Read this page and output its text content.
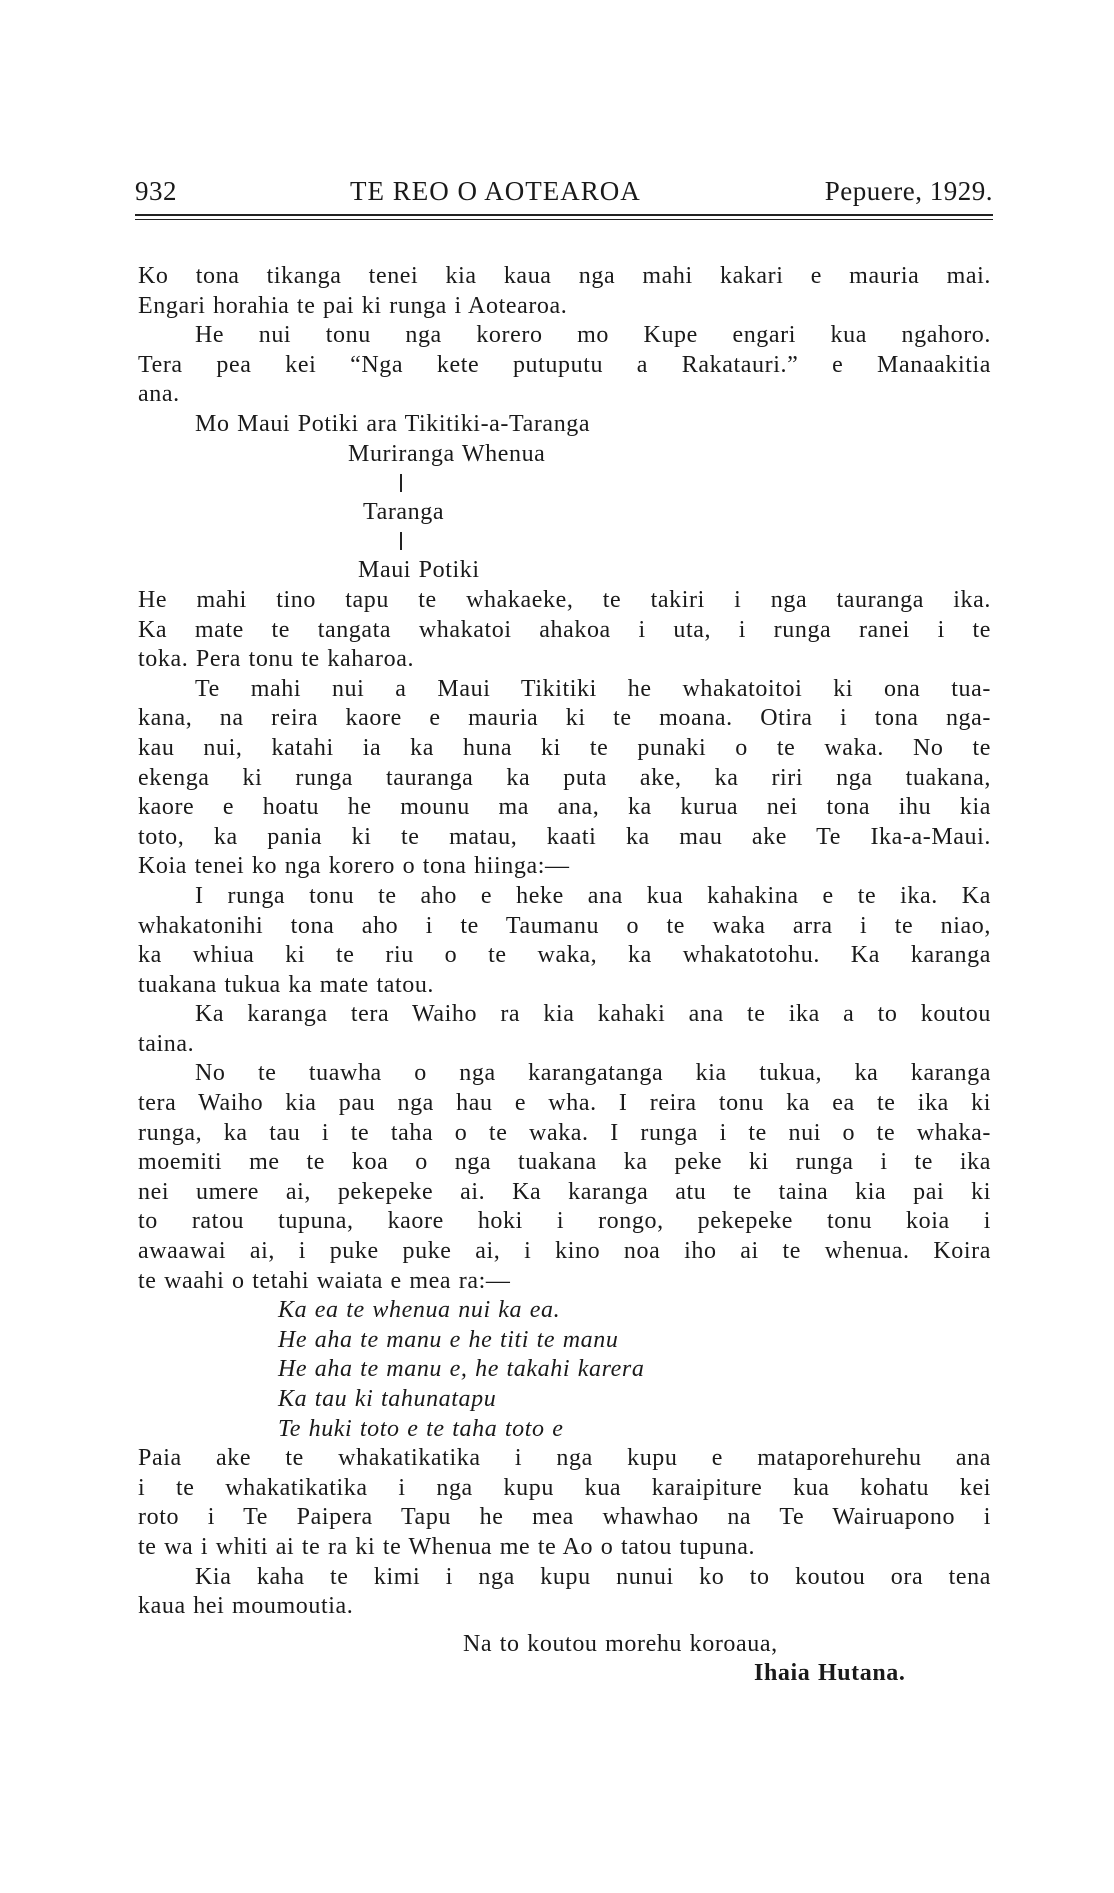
932	TE REO O AOTEAROA	Pepuere, 1929.
Ko tona tikanga tenei kia kaua nga mahi kakari e mauria mai.
Engari horahia te pai ki runga i Aotearoa.
He nui tonu nga korero mo Kupe engari kua ngahoro.
Tera pea kei “Nga kete putuputu a Rakatauri.” e Manaakitia
ana.
Mo Maui Potiki ara Tikitiki-a-Taranga
Muriranga Whenua
Taranga
Maui Potiki
He mahi tino tapu te whakaeke, te takiri i nga tauranga ika.
Ka mate te tangata whakatoi ahakoa i uta, i runga ranei i te
toka. Pera tonu te kaharoa.
Te mahi nui a Maui Tikitiki he whakatoitoi ki ona tua-
kana, na reira kaore e mauria ki te moana. Otira i tona nga-
kau nui, katahi ia ka huna ki te punaki o te waka. No te
ekenga ki runga tauranga ka puta ake, ka riri nga tuakana,
kaore e hoatu he mounu ma ana, ka kurua nei tona ihu kia
toto, ka pania ki te matau, kaati ka mau ake Te Ika-a-Maui.
Koia tenei ko nga korero o tona hiinga:—
I runga tonu te aho e heke ana kua kahakina e te ika. Ka
whakatonihi tona aho i te Taumanu o te waka arra i te niao,
ka whiua ki te riu o te waka, ka whakatotohu. Ka karanga
tuakana tukua ka mate tatou.
Ka karanga tera Waiho ra kia kahaki ana te ika a to koutou
taina.
No te tuawha o nga karangatanga kia tukua, ka karanga
tera Waiho kia pau nga hau e wha. I reira tonu ka ea te ika ki
runga, ka tau i te taha o te waka. I runga i te nui o te whaka-
moemiti me te koa o nga tuakana ka peke ki runga i te ika
nei umere ai, pekepeke ai. Ka karanga atu te taina kia pai ki
to ratou tupuna, kaore hoki i rongo, pekepeke tonu koia i
awaawai ai, i puke puke ai, i kino noa iho ai te whenua. Koira
te waahi o tetahi waiata e mea ra:—
Ka ea te whenua nui ka ea.
He aha te manu e he titi te manu
He aha te manu e, he takahi karera
Ka tau ki tahunatapu
Te huki toto e te taha toto e
Paia ake te whakatikatika i nga kupu e mataporehurehu ana
i te whakatikatika i nga kupu kua karaipiture kua kohatu kei
roto i Te Paipera Tapu he mea whawhao na Te Wairuapono i
te wa i whiti ai te ra ki te Whenua me te Ao o tatou tupuna.
Kia kaha te kimi i nga kupu nunui ko to koutou ora tena
kaua hei moumoutia.
Na to koutou morehu koroaua,
Ihaia Hutana.
